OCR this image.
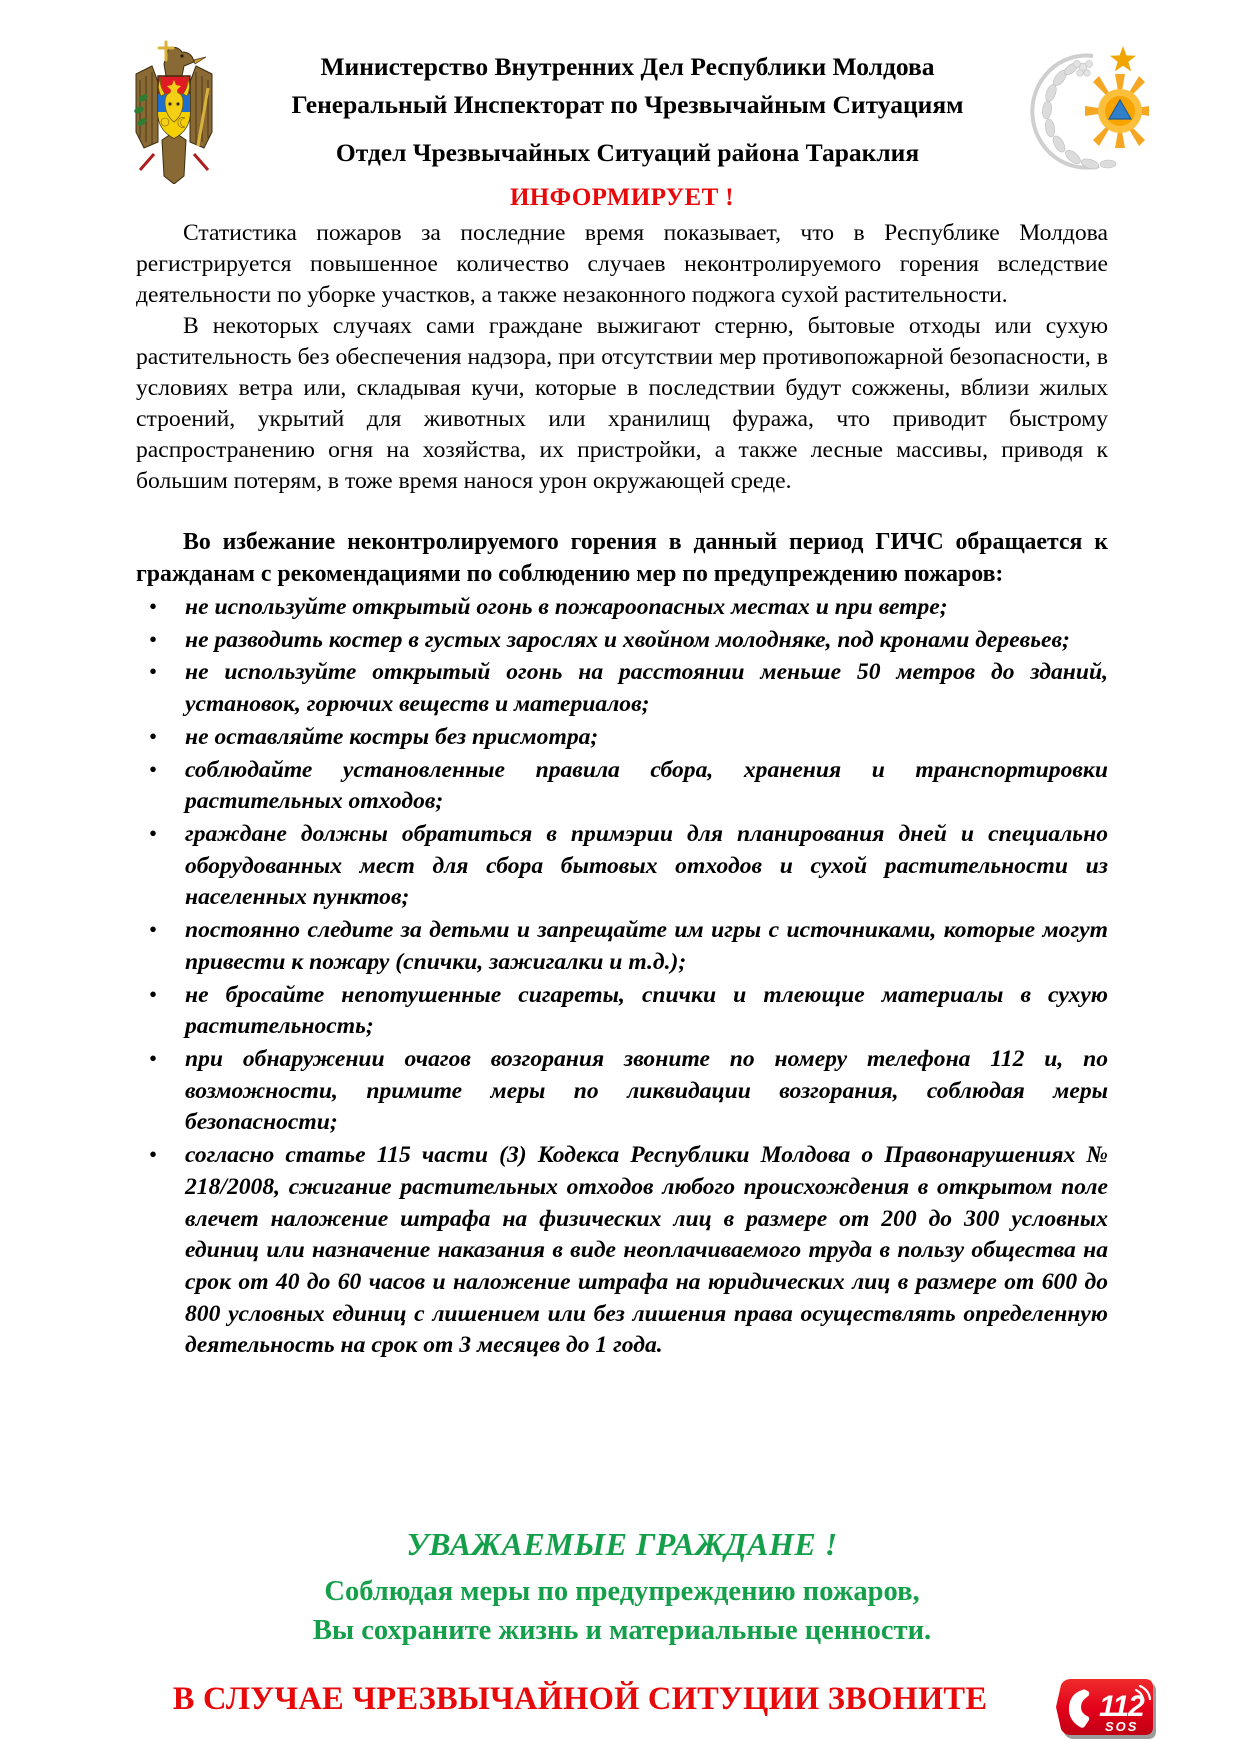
Министерство Внутренних Дел Республики Молдова
Генеральный Инспекторат по Чрезвычайным Ситуациям
Отдел Чрезвычайных Ситуаций района Тараклия
ИНФОРМИРУЕТ !

Статистика пожаров за последние время показывает, что в Республике Молдова регистрируется повышенное количество случаев неконтролируемого горения вследствие деятельности по уборке участков, а также незаконного поджога сухой растительности.

В некоторых случаях сами граждане выжигают стерню, бытовые отходы или сухую растительность без обеспечения надзора, при отсутствии мер противопожарной безопасности, в условиях ветра или, складывая кучи, которые в последствии будут сожжены, вблизи жилых строений, укрытий для животных или хранилищ фуража, что приводит быстрому распространению огня на хозяйства, их пристройки, а также лесные массивы, приводя к большим потерям, в тоже время нанося урон окружающей среде.

Во избежание неконтролируемого горения в данный период ГИЧС обращается к гражданам с рекомендациями по соблюдению мер по предупреждению пожаров:

• не используйте открытый огонь в пожароопасных местах и при ветре;
• не разводить костер в густых зарослях и хвойном молодняке, под кронами деревьев;
• не используйте открытый огонь на расстоянии меньше 50 метров до зданий, установок, горючих веществ и материалов;
• не оставляйте костры без присмотра;
• соблюдайте установленные правила сбора, хранения и транспортировки растительных отходов;
• граждане должны обратиться в примэрии для планирования дней и специально оборудованных мест для сбора бытовых отходов и сухой растительности из населенных пунктов;
• постоянно следите за детьми и запрещайте им игры с источниками, которые могут привести к пожару (спички, зажигалки и т.д.);
• не бросайте непотушенные сигареты, спички и тлеющие материалы в сухую растительность;
• при обнаружении очагов возгорания звоните по номеру телефона 112 и, по возможности, примите меры по ликвидации возгорания, соблюдая меры безопасности;
• согласно статье 115 части (3) Кодекса Республики Молдова о Правонарушениях № 218/2008, сжигание растительных отходов любого происхождения в открытом поле влечет наложение штрафа на физических лиц в размере от 200 до 300 условных единиц или назначение наказания в виде неоплачиваемого труда в пользу общества на срок от 40 до 60 часов и наложение штрафа на юридических лиц в размере от 600 до 800 условных единиц с лишением или без лишения права осуществлять определенную деятельность на срок от 3 месяцев до 1 года.
УВАЖАЕМЫЕ ГРАЖДАНЕ !
Соблюдая меры по предупреждению пожаров,
Вы сохраните жизнь и материальные ценности.
В СЛУЧАЕ ЧРЕЗВЫЧАЙНОЙ СИТУЦИИ ЗВОНИТЕ	112
SOS
